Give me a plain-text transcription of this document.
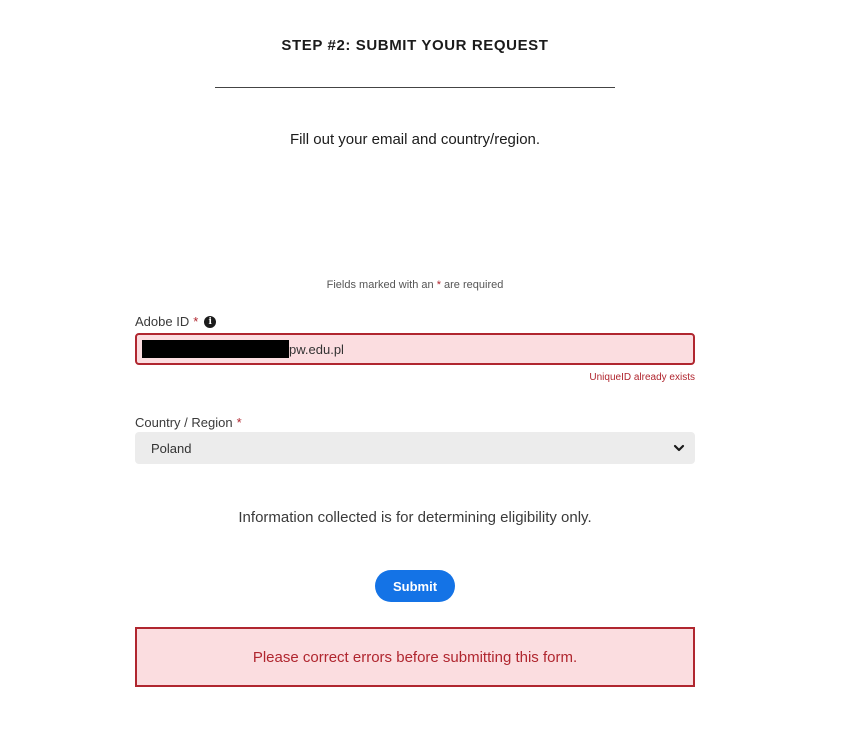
STEP #2: SUBMIT YOUR REQUEST
Fill out your email and country/region.
Fields marked with an * are required
Adobe ID *	i
pw.edu.pl
UniqueID already exists
Country / Region *
Poland
Information collected is for determining eligibility only.
Submit
Please correct errors before submitting this form.
